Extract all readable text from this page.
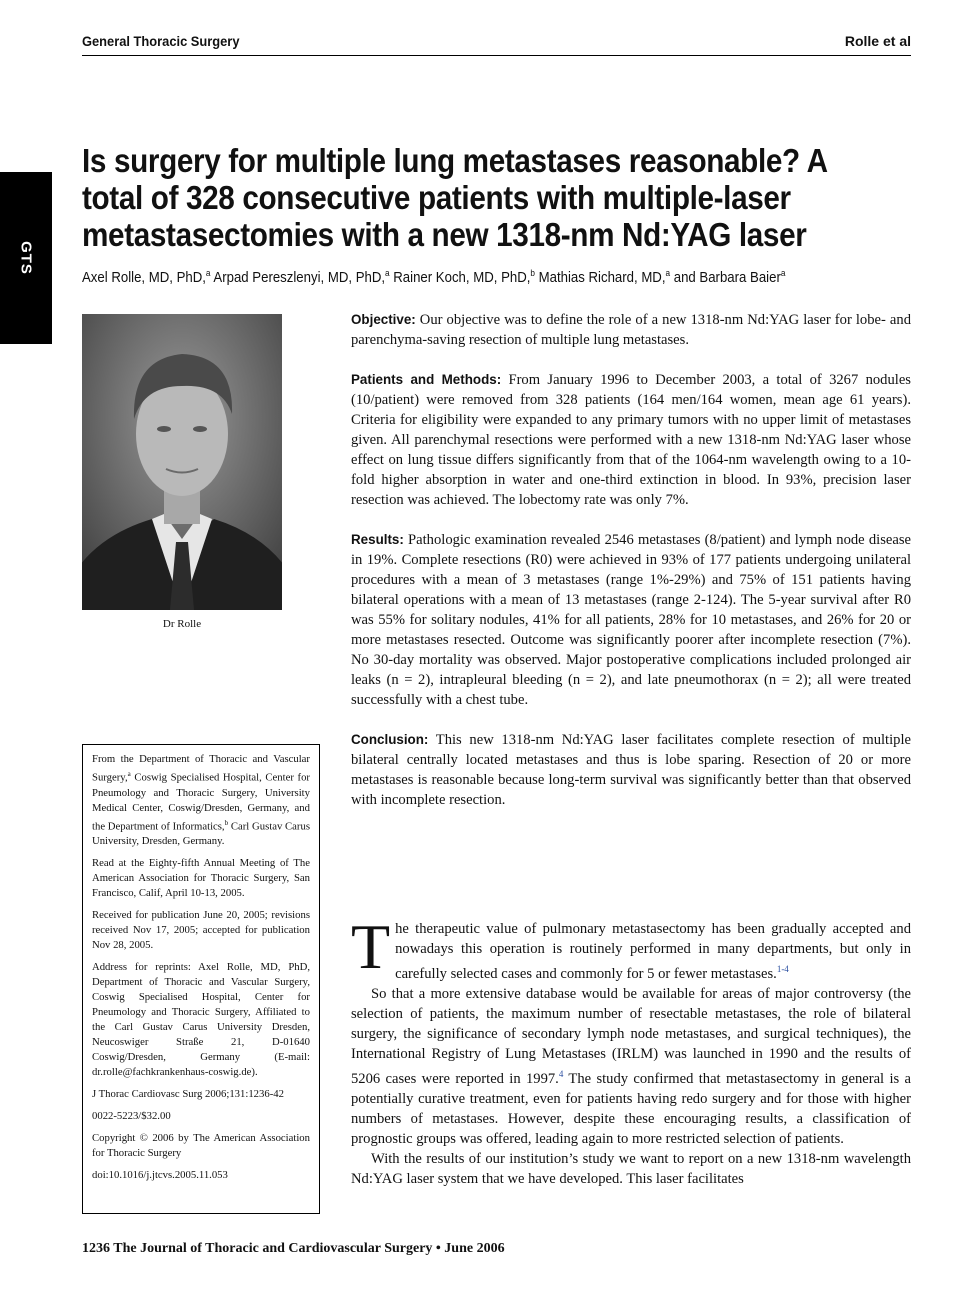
General Thoracic Surgery	Rolle et al
GTS
Is surgery for multiple lung metastases reasonable? A total of 328 consecutive patients with multiple-laser metastasectomies with a new 1318-nm Nd:YAG laser
Axel Rolle, MD, PhD,$^a$ Arpad Pereszlenyi, MD, PhD,$^a$ Rainer Koch, MD, PhD,$^b$ Mathias Richard, MD,$^a$ and Barbara Baier$^a$
Dr Rolle

Objective: Our objective was to define the role of a new 1318-nm Nd:YAG laser for lobe- and parenchyma-saving resection of multiple lung metastases.

Patients and Methods: From January 1996 to December 2003, a total of 3267 nodules (10/patient) were removed from 328 patients (164 men/164 women, mean age 61 years). Criteria for eligibility were expanded to any primary tumors with no upper limit of metastases given. All parenchymal resections were performed with a new 1318-nm Nd:YAG laser whose effect on lung tissue differs significantly from that of the 1064-nm wavelength owing to a 10-fold higher absorption in water and one-third extinction in blood. In 93%, precision laser resection was achieved. The lobectomy rate was only 7%.

Results: Pathologic examination revealed 2546 metastases (8/patient) and lymph node disease in 19%. Complete resections (R0) were achieved in 93% of 177 patients undergoing unilateral procedures with a mean of 3 metastases (range 1%-29%) and 75% of 151 patients having bilateral operations with a mean of 13 metastases (range 2-124). The 5-year survival after R0 was 55% for solitary nodules, 41% for all patients, 28% for 10 metastases, and 26% for 20 or more metastases resected. Outcome was significantly poorer after incomplete resection (7%). No 30-day mortality was observed. Major postoperative complications included prolonged air leaks (n = 2), intrapleural bleeding (n = 2), and late pneumothorax (n = 2); all were treated successfully with a chest tube.

Conclusion: This new 1318-nm Nd:YAG laser facilitates complete resection of multiple bilateral centrally located metastases and thus is lobe sparing. Resection of 20 or more metastases is reasonable because long-term survival was significantly better than that observed with incomplete resection.

From the Department of Thoracic and Vascular Surgery,$^a$ Coswig Specialised Hospital, Center for Pneumology and Thoracic Surgery, University Medical Center, Coswig/Dresden, Germany, and the Department of Informatics,$^b$ Carl Gustav Carus University, Dresden, Germany.

Read at the Eighty-fifth Annual Meeting of The American Association for Thoracic Surgery, San Francisco, Calif, April 10-13, 2005.

Received for publication June 20, 2005; revisions received Nov 17, 2005; accepted for publication Nov 28, 2005.

Address for reprints: Axel Rolle, MD, PhD, Department of Thoracic and Vascular Surgery, Coswig Specialised Hospital, Center for Pneumology and Thoracic Surgery, Affiliated to the Carl Gustav Carus University Dresden, Neucoswiger Straße 21, D-01640 Coswig/Dresden, Germany (E-mail: dr.rolle@fachkrankenhaus-coswig.de).

J Thorac Cardiovasc Surg 2006;131:1236-42

0022-5223/$32.00

Copyright © 2006 by The American Association for Thoracic Surgery

doi:10.1016/j.jtcvs.2005.11.053

The therapeutic value of pulmonary metastasectomy has been gradually accepted and nowadays this operation is routinely performed in many departments, but only in carefully selected cases and commonly for 5 or fewer metastases.$^{1-4}$

So that a more extensive database would be available for areas of major controversy (the selection of patients, the maximum number of resectable metastases, the role of bilateral surgery, the significance of secondary lymph node metastases, and surgical techniques), the International Registry of Lung Metastases (IRLM) was launched in 1990 and the results of 5206 cases were reported in 1997.$^4$ The study confirmed that metastasectomy in general is a potentially curative treatment, even for patients having redo surgery and for those with higher numbers of metastases. However, despite these encouraging results, a classification of prognostic groups was offered, leading again to more restricted selection of patients.

With the results of our institution’s study we want to report on a new 1318-nm wavelength Nd:YAG laser system that we have developed. This laser facilitates

1236 The Journal of Thoracic and Cardiovascular Surgery • June 2006
